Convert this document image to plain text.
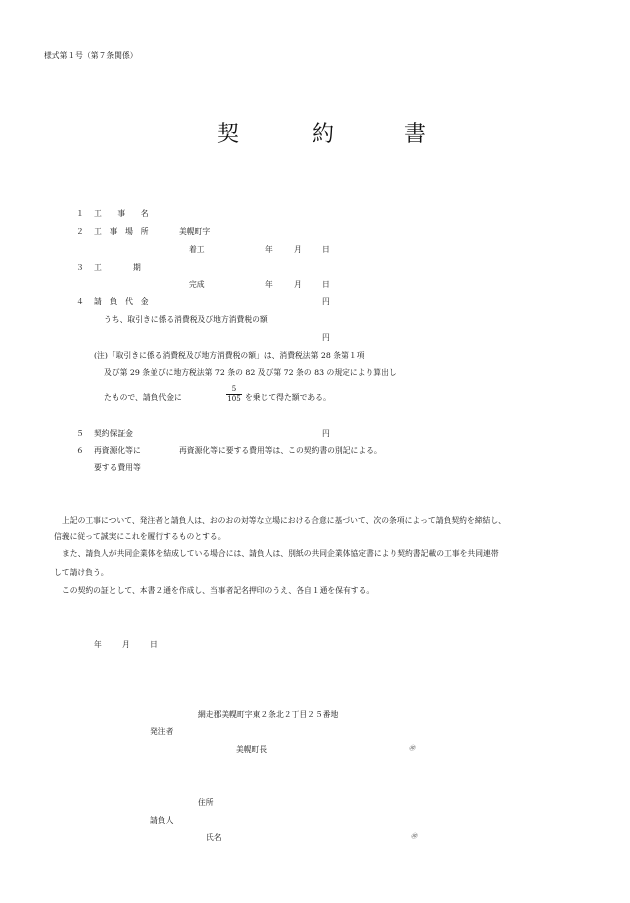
様式第１号（第７条関係）
契	約	書
１ 工　　事　　名
２ 工　事　場　所	美幌町字
着工	年	月	日
３ 工　　　　期
完成	年	月	日
４ 請　負　代　金	円
うち、取引きに係る消費税及び地方消費税の額
円
(注)「取引きに係る消費税及び地方消費税の額」は、消費税法第 28 条第１項
及び第 29 条並びに地方税法第 72 条の 82 及び第 72 条の 83 の規定により算出し
たもので、請負代金に	$\frac{5}{105}$ を乗じて得た額である。
５ 契約保証金	円
６ 再資源化等に	再資源化等に要する費用等は、この契約書の別記による。
要する費用等
上記の工事について、発注者と請負人は、おのおの対等な立場における合意に基づいて、次の条項によって請負契約を締結し、
信義に従って誠実にこれを履行するものとする。
また、請負人が共同企業体を結成している場合には、請負人は、別紙の共同企業体協定書により契約書記載の工事を共同連帯
して請け負う。
この契約の証として、本書２通を作成し、当事者記名押印のうえ、各自１通を保有する。
年	月	日
網走郡美幌町字東２条北２丁目２５番地
発注者
美幌町長	㊞
住所
請負人
氏名	㊞
